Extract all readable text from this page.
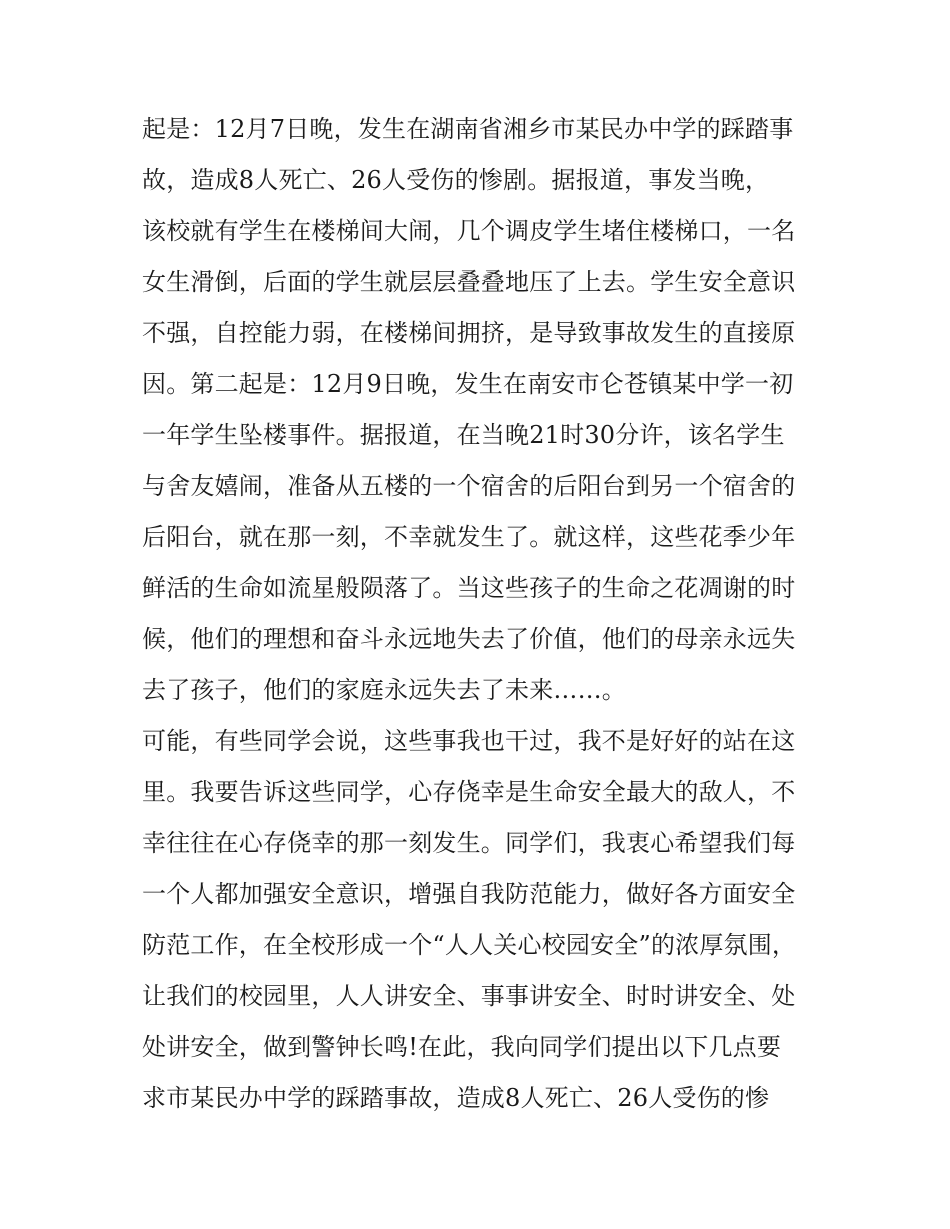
起是：12月7日晚，发生在湖南省湘乡市某民办中学的踩踏事
故，造成8人死亡、26人受伤的惨剧。据报道，事发当晚，
该校就有学生在楼梯间大闹，几个调皮学生堵住楼梯口，一名
女生滑倒，后面的学生就层层叠叠地压了上去。学生安全意识
不强，自控能力弱，在楼梯间拥挤，是导致事故发生的直接原
因。第二起是：12月9日晚，发生在南安市仑苍镇某中学一初
一年学生坠楼事件。据报道，在当晚21时30分许，该名学生
与舍友嬉闹，准备从五楼的一个宿舍的后阳台到另一个宿舍的
后阳台，就在那一刻，不幸就发生了。就这样，这些花季少年
鲜活的生命如流星般陨落了。当这些孩子的生命之花凋谢的时
候，他们的理想和奋斗永远地失去了价值，他们的母亲永远失
去了孩子，他们的家庭永远失去了未来……。
可能，有些同学会说，这些事我也干过，我不是好好的站在这
里。我要告诉这些同学，心存侥幸是生命安全最大的敌人，不
幸往往在心存侥幸的那一刻发生。同学们，我衷心希望我们每
一个人都加强安全意识，增强自我防范能力，做好各方面安全
防范工作，在全校形成一个“人人关心校园安全”的浓厚氛围，
让我们的校园里，人人讲安全、事事讲安全、时时讲安全、处
处讲安全，做到警钟长鸣!在此，我向同学们提出以下几点要
求市某民办中学的踩踏事故，造成8人死亡、26人受伤的惨
